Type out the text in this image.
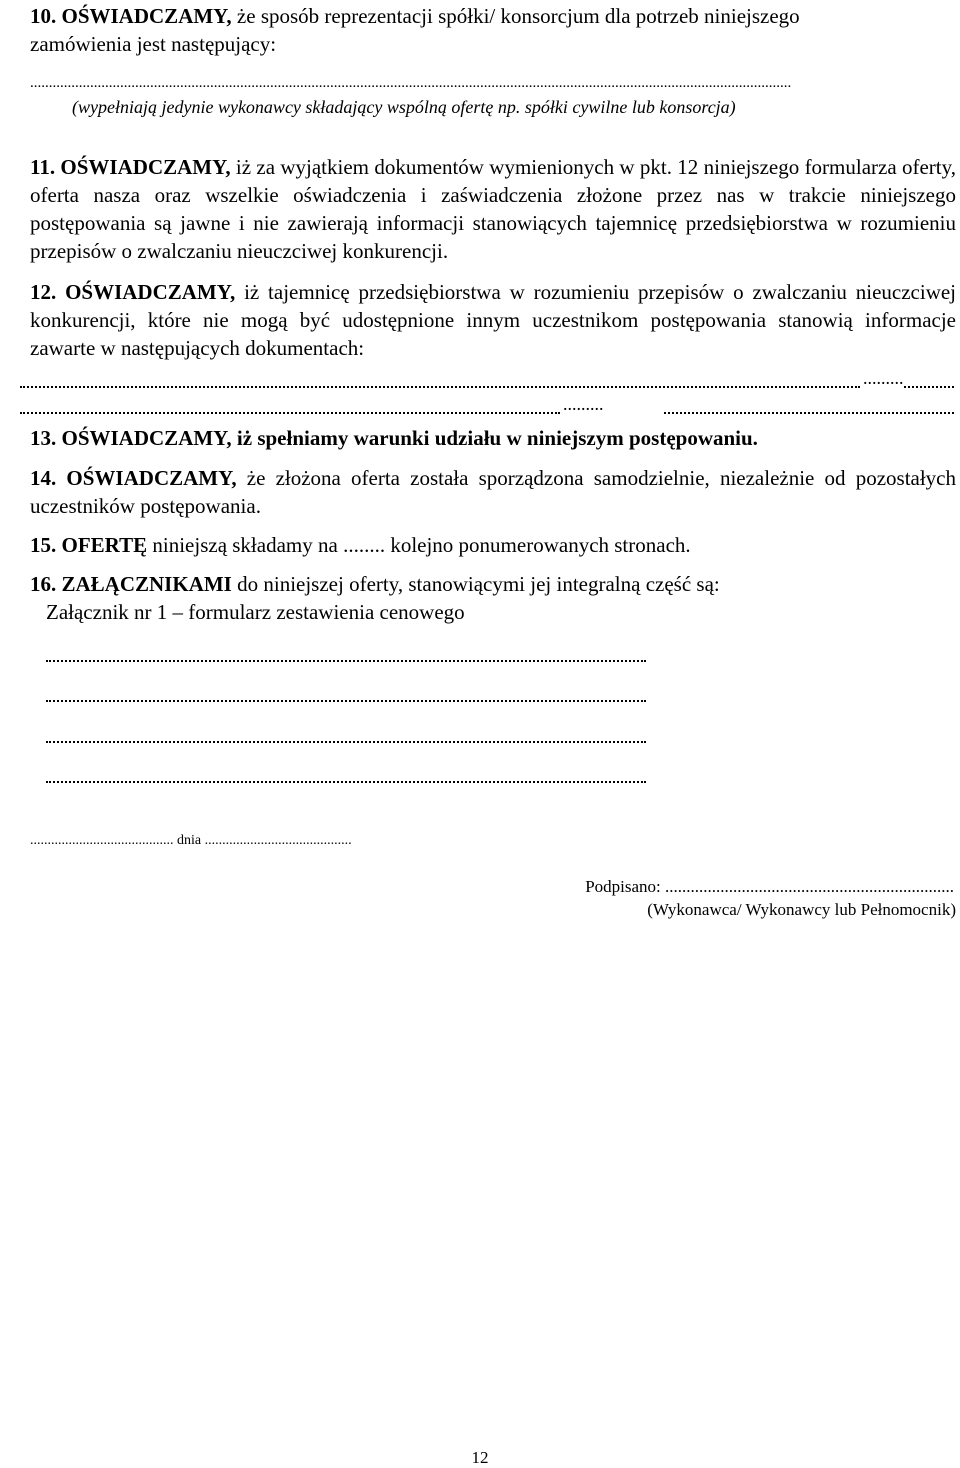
10. OŚWIADCZAMY, że sposób reprezentacji spółki/ konsorcjum dla potrzeb niniejszego
zamówienia jest następujący:
...........................................................................................................................................................................................................
(wypełniają jedynie wykonawcy składający wspólną ofertę np. spółki cywilne lub konsorcja)
11. OŚWIADCZAMY, iż za wyjątkiem dokumentów wymienionych w pkt. 12 niniejszego formularza oferty, oferta nasza oraz wszelkie oświadczenia i zaświadczenia złożone przez nas w trakcie niniejszego postępowania są jawne i nie zawierają informacji stanowiących tajemnicę przedsiębiorstwa w rozumieniu przepisów o zwalczaniu nieuczciwej konkurencji.
12. OŚWIADCZAMY, iż tajemnicę przedsiębiorstwa w rozumieniu przepisów o zwalczaniu nieuczciwej konkurencji, które nie mogą być udostępnione innym uczestnikom postępowania stanowią informacje zawarte w następujących dokumentach:
.........
.........
13. OŚWIADCZAMY, iż spełniamy warunki udziału w niniejszym postępowaniu.
14. OŚWIADCZAMY, że złożona oferta została sporządzona samodzielnie, niezależnie od pozostałych uczestników postępowania.
15. OFERTĘ niniejszą składamy na ........ kolejno ponumerowanych stronach.
16. ZAŁĄCZNIKAMI do niniejszej oferty, stanowiącymi jej integralną część są:
Załącznik nr 1 – formularz zestawienia cenowego
......................................... dnia ..........................................
Podpisano: ....................................................................
(Wykonawca/ Wykonawcy lub Pełnomocnik)
12
